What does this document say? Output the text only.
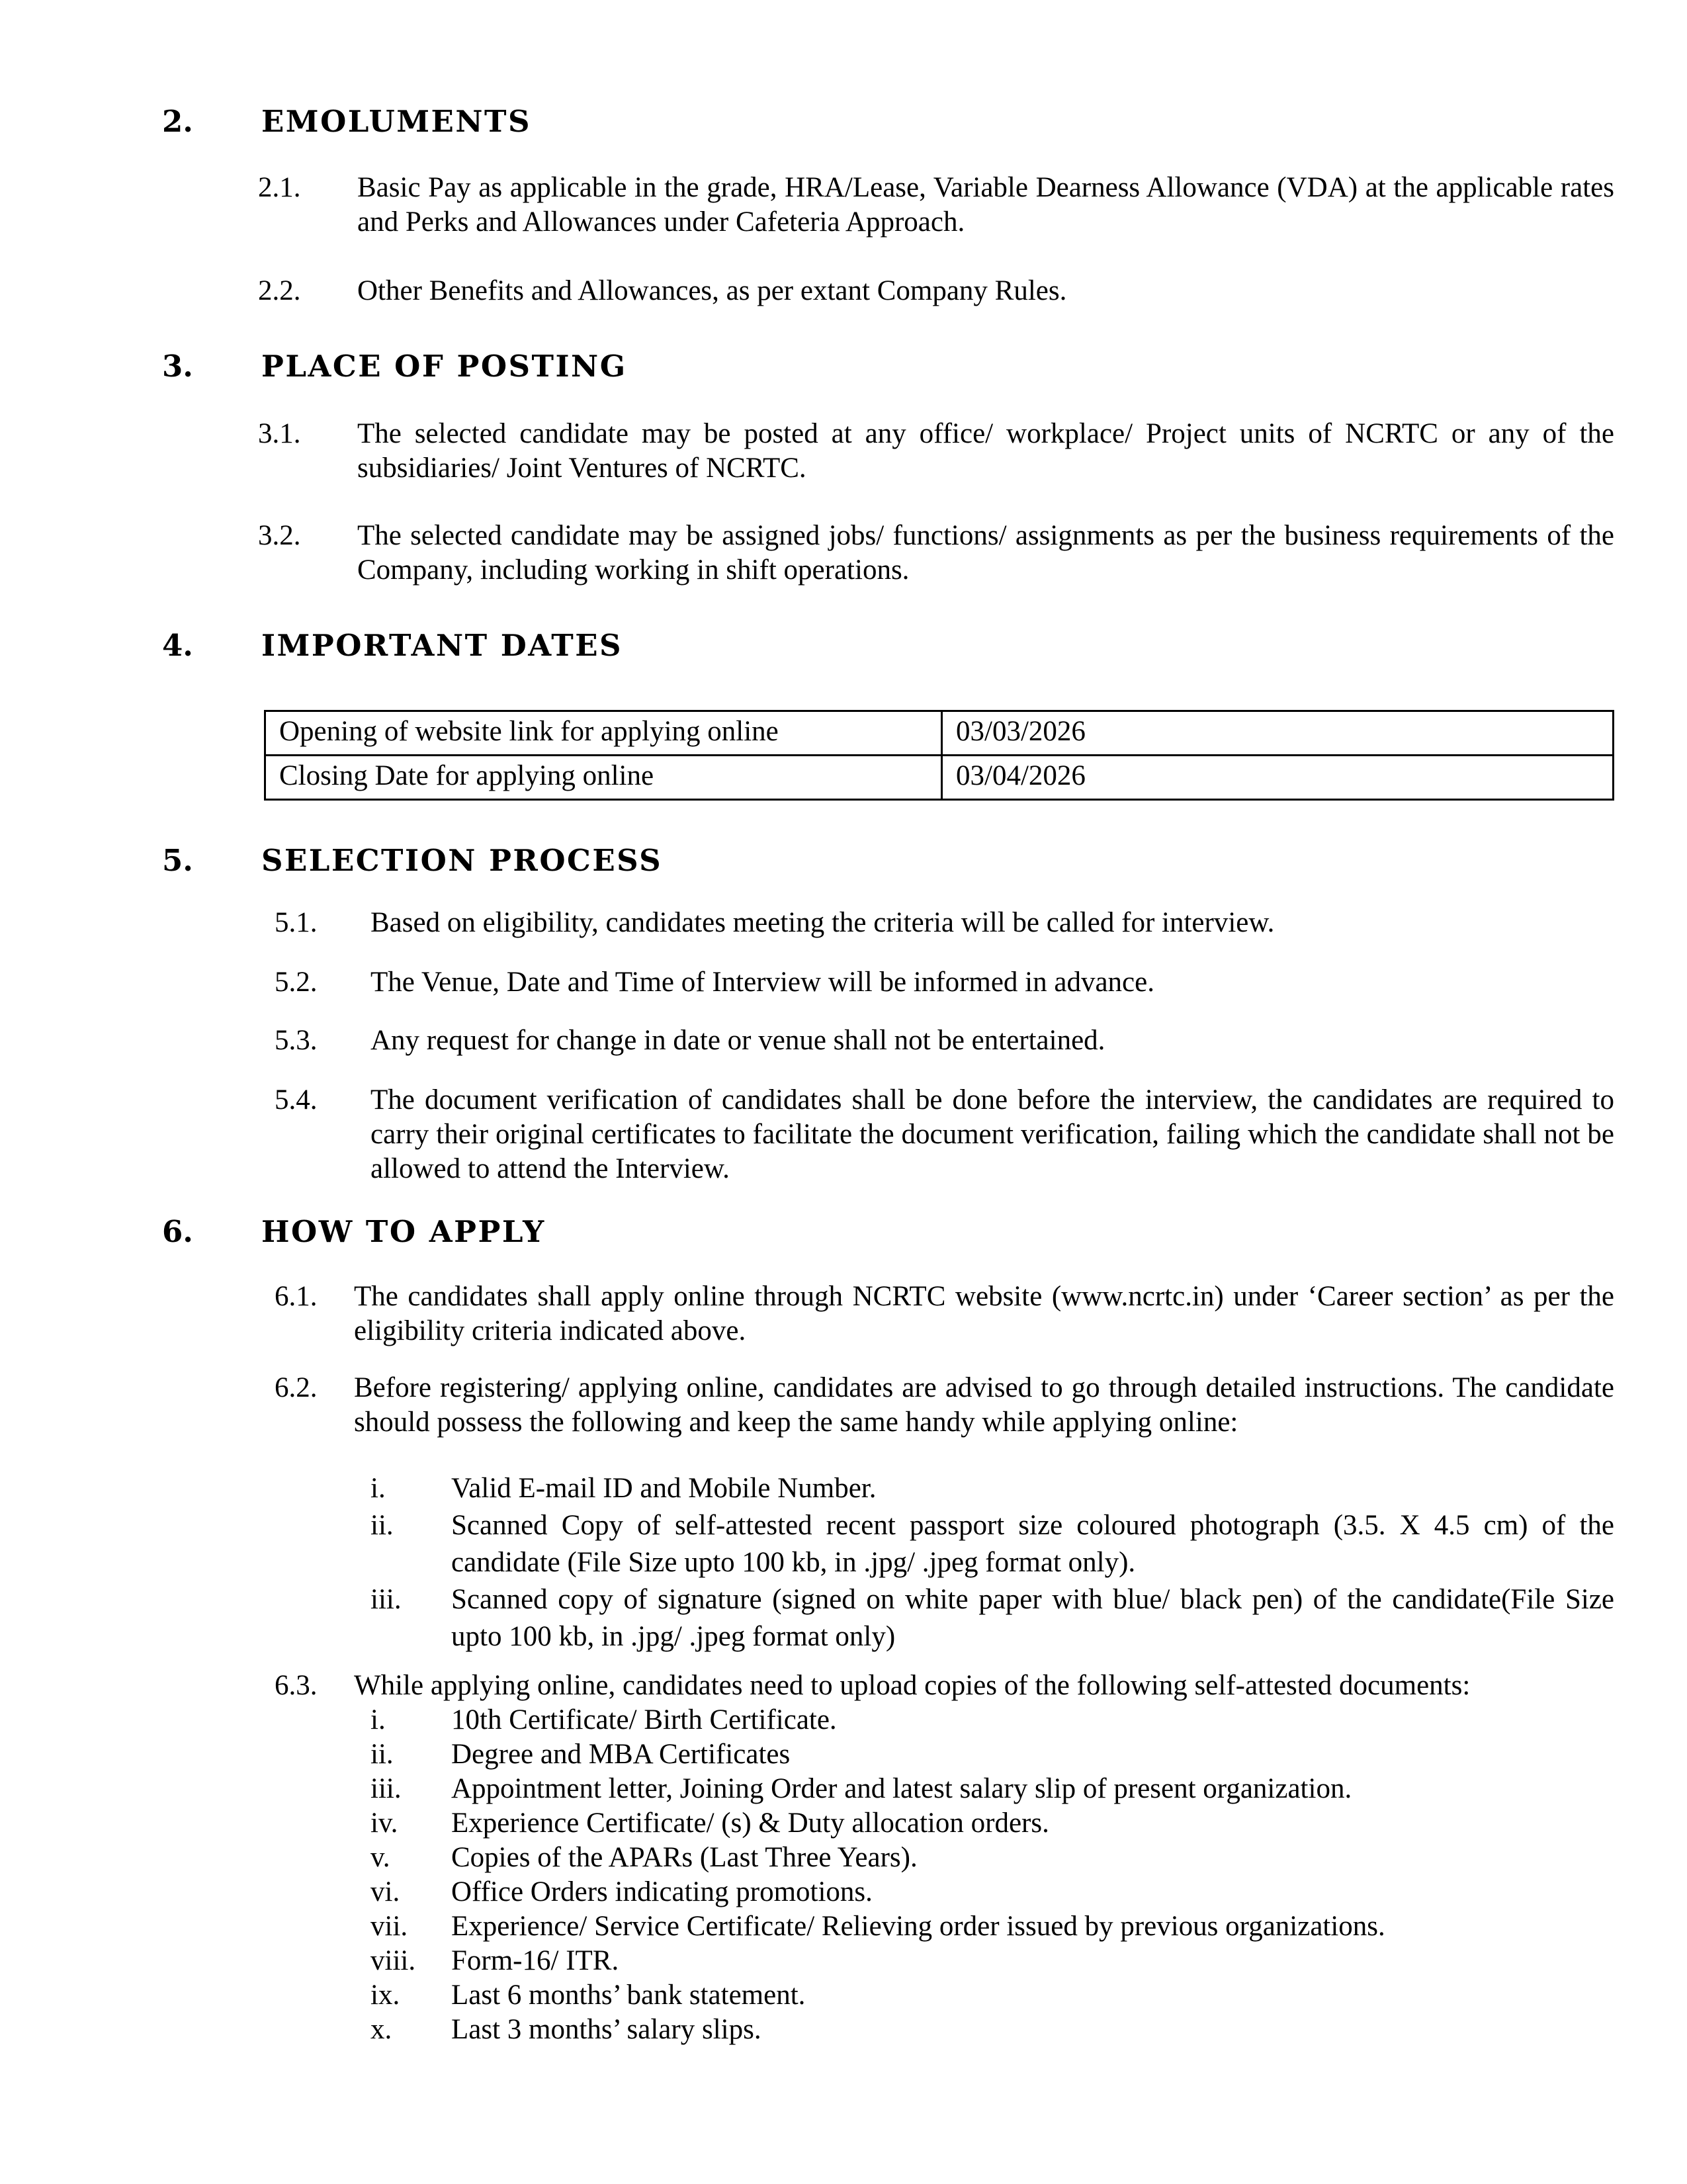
2.	EMOLUMENTS
2.1.	Basic Pay as applicable in the grade, HRA/Lease, Variable Dearness Allowance (VDA) at the applicable rates and Perks and Allowances under Cafeteria Approach.

2.2.	Other Benefits and Allowances, as per extant Company Rules.

3.	PLACE OF POSTING
3.1.	The selected candidate may be posted at any office/ workplace/ Project units of NCRTC or any of the subsidiaries/ Joint Ventures of NCRTC.

3.2.	The selected candidate may be assigned jobs/ functions/ assignments as per the business requirements of the Company, including working in shift operations.

4.	IMPORTANT DATES
Opening of website link for applying online	03/03/2026
Closing Date for applying online	03/04/2026
5.	SELECTION PROCESS
5.1.	Based on eligibility, candidates meeting the criteria will be called for interview.

5.2.	The Venue, Date and Time of Interview will be informed in advance.

5.3.	Any request for change in date or venue shall not be entertained.

5.4.	The document verification of candidates shall be done before the interview, the candidates are required to carry their original certificates to facilitate the document verification, failing which the candidate shall not be allowed to attend the Interview.

6.	HOW TO APPLY
6.1.	The candidates shall apply online through NCRTC website (www.ncrtc.in) under ‘Career section’ as per the eligibility criteria indicated above.

6.2.	Before registering/ applying online, candidates are advised to go through detailed instructions. The candidate should possess the following and keep the same handy while applying online:

i.	Valid E-mail ID and Mobile Number.

ii.	Scanned Copy of self-attested recent passport size coloured photograph (3.5. X 4.5 cm) of the candidate (File Size upto 100 kb, in .jpg/ .jpeg format only).

iii.	Scanned copy of signature (signed on white paper with blue/ black pen) of the candidate(File Size upto 100 kb, in .jpg/ .jpeg format only)

6.3.	While applying online, candidates need to upload copies of the following self-attested documents:

i.	10th Certificate/ Birth Certificate.

ii.	Degree and MBA Certificates

iii.	Appointment letter, Joining Order and latest salary slip of present organization.

iv.	Experience Certificate/ (s) & Duty allocation orders.

v.	Copies of the APARs (Last Three Years).

vi.	Office Orders indicating promotions.

vii.	Experience/ Service Certificate/ Relieving order issued by previous organizations.

viii.	Form-16/ ITR.

ix.	Last 6 months’ bank statement.

x.	Last 3 months’ salary slips.
